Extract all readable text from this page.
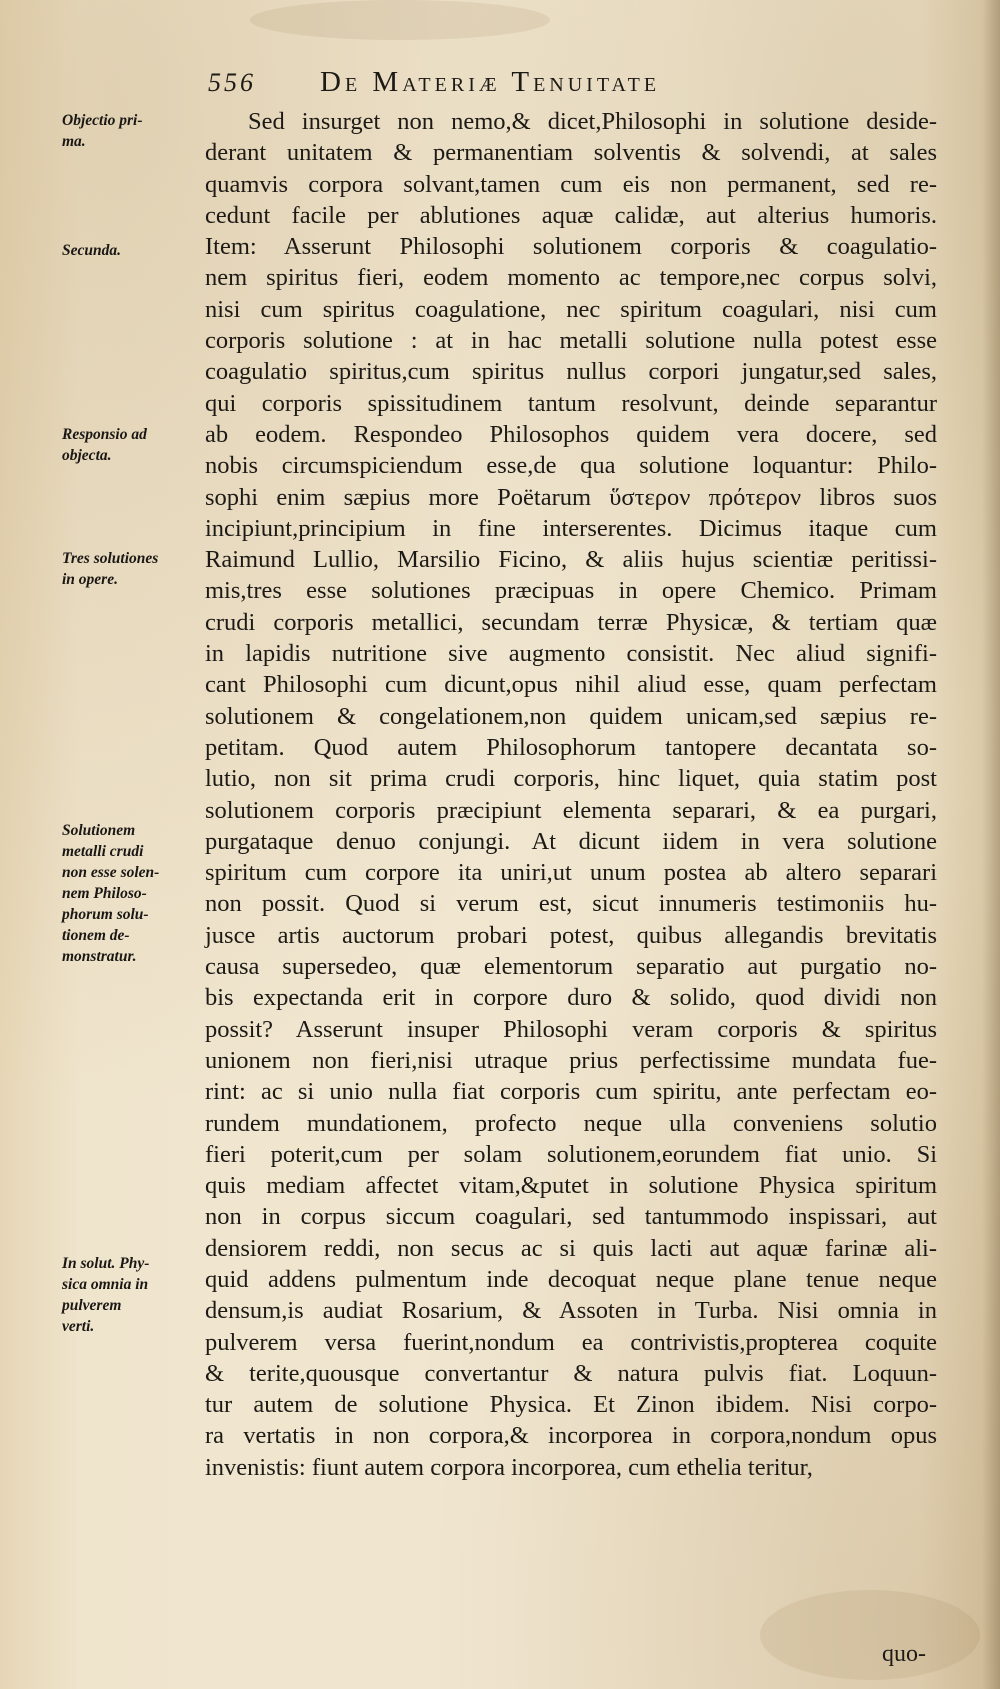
556 De Materiæ Tenuitate
Objectio pri-
ma.
Secunda.
Responsio ad
objecta.
Tres solutiones
in opere.
Solutionem
metalli crudi
non esse solen-
nem Philoso-
phorum solu-
tionem de-
monstratur.
In solut. Phy-
sica omnia in
pulverem
verti.
Sed insurget non nemo,& dicet,Philosophi in solutione deside-
derant unitatem & permanentiam solventis & solvendi, at sales
quamvis corpora solvant,tamen cum eis non permanent, sed re-
cedunt facile per ablutiones aquæ calidæ, aut alterius humoris.
Item: Asserunt Philosophi solutionem corporis & coagulatio-
nem spiritus fieri, eodem momento ac tempore,nec corpus solvi,
nisi cum spiritus coagulatione, nec spiritum coagulari, nisi cum
corporis solutione : at in hac metalli solutione nulla potest esse
coagulatio spiritus,cum spiritus nullus corpori jungatur,sed sales,
qui corporis spissitudinem tantum resolvunt, deinde separantur
ab eodem. Respondeo Philosophos quidem vera docere, sed
nobis circumspiciendum esse,de qua solutione loquantur: Philo-
sophi enim sæpius more Poëtarum ὕστερον πρότερον libros suos
incipiunt,principium in fine interserentes. Dicimus itaque cum
Raimund Lullio, Marsilio Ficino, & aliis hujus scientiæ peritissi-
mis,tres esse solutiones præcipuas in opere Chemico. Primam
crudi corporis metallici, secundam terræ Physicæ, & tertiam quæ
in lapidis nutritione sive augmento consistit. Nec aliud signifi-
cant Philosophi cum dicunt,opus nihil aliud esse, quam perfectam
solutionem & congelationem,non quidem unicam,sed sæpius re-
petitam. Quod autem Philosophorum tantopere decantata so-
lutio, non sit prima crudi corporis, hinc liquet, quia statim post
solutionem corporis præcipiunt elementa separari, & ea purgari,
purgataque denuo conjungi. At dicunt iidem in vera solutione
spiritum cum corpore ita uniri,ut unum postea ab altero separari
non possit. Quod si verum est, sicut innumeris testimoniis hu-
jusce artis auctorum probari potest, quibus allegandis brevitatis
causa supersedeo, quæ elementorum separatio aut purgatio no-
bis expectanda erit in corpore duro & solido, quod dividi non
possit? Asserunt insuper Philosophi veram corporis & spiritus
unionem non fieri,nisi utraque prius perfectissime mundata fue-
rint: ac si unio nulla fiat corporis cum spiritu, ante perfectam eo-
rundem mundationem, profecto neque ulla conveniens solutio
fieri poterit,cum per solam solutionem,eorundem fiat unio. Si
quis mediam affectet vitam,&putet in solutione Physica spiritum
non in corpus siccum coagulari, sed tantummodo inspissari, aut
densiorem reddi, non secus ac si quis lacti aut aquæ farinæ ali-
quid addens pulmentum inde decoquat neque plane tenue neque
densum,is audiat Rosarium, & Assoten in Turba. Nisi omnia in
pulverem versa fuerint,nondum ea contrivistis,propterea coquite
& terite,quousque convertantur & natura pulvis fiat. Loquun-
tur autem de solutione Physica. Et Zinon ibidem. Nisi corpo-
ra vertatis in non corpora,& incorporea in corpora,nondum opus
invenistis: fiunt autem corpora incorporea, cum ethelia teritur,
quo-
